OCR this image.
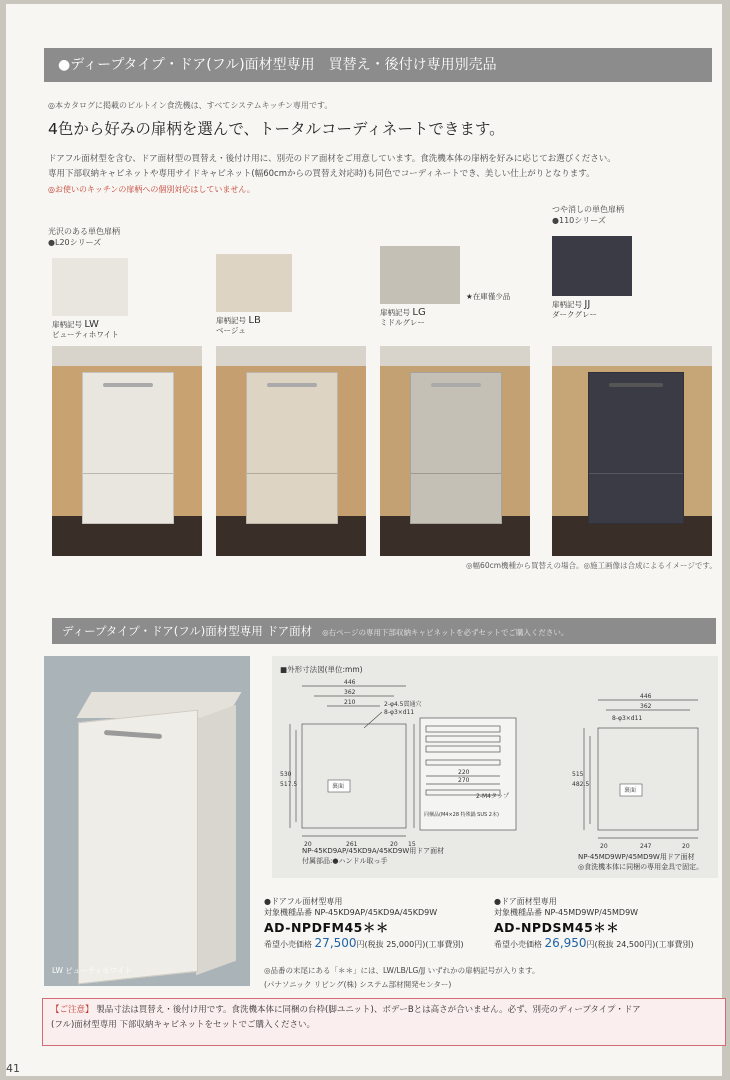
●ディープタイプ・ドア(フル)面材型専用　買替え・後付け専用別売品
◎本カタログに掲載のビルトイン食洗機は、すべてシステムキッチン専用です。
4色から好みの扉柄を選んで、トータルコーディネートできます。
ドアフル面材型を含む、ドア面材型の買替え・後付け用に、別売のドア面材をご用意しています。食洗機本体の扉柄を好みに応じてお選びください。
専用下部収納キャビネットや専用サイドキャビネット(幅60cmからの買替え対応時)も同色でコーディネートでき、美しい仕上がりとなります。
◎お使いのキッチンの扉柄への個別対応はしていません。
光沢のある単色扉柄
●L20シリーズ
つや消しの単色扉柄
●110シリーズ
扉柄記号 LW
ビューティホワイト
扉柄記号 LB
ベージュ
扉柄記号 LG
ミドルグレー
★在庫僅少品
扉柄記号 JJ
ダークグレー
◎幅60cm機種から買替えの場合。◎施工画像は合成によるイメージです。
ディープタイプ・ドア(フル)面材型専用 ドア面材 ◎右ページの専用下部収納キャビネットを必ずセットでご購入ください。
LW ビューティホワイト
■外形寸法図(単位:mm)
446
362
210	2-φ4.5貫通穴
8-φ3×d11
530
517.5	裏面
20	261	20 15
220
270
2-M4タップ
同梱品(M4×28 特殊鍋 SUS 2本)
446
362
8-φ3×d11
515
482.5
裏面
20	247	20
NP-45KD9AP/45KD9A/45KD9W用ドア面材
付属部品:●ハンドル取っ手	NP-45MD9WP/45MD9W用ドア面材
◎食洗機本体に同梱の専用金具で固定。
●ドアフル面材型専用
対象機種品番 NP-45KD9AP/45KD9A/45KD9W
AD-NPDFM45＊＊
希望小売価格 27,500円(税抜 25,000円)(工事費別)
●ドア面材型専用
対象機種品番 NP-45MD9WP/45MD9W
AD-NPDSM45＊＊
希望小売価格 26,950円(税抜 24,500円)(工事費別)
◎品番の末尾にある「＊＊」には、LW/LB/LG/JJ いずれかの扉柄記号が入ります。
(パナソニック リビング(株) システム部材開発センター)
【ご注意】 製品寸法は買替え・後付け用です。食洗機本体に同梱の台枠(脚ユニット)、ボデーBとは高さが合いません。必ず、別売のディープタイプ・ドア
(フル)面材型専用 下部収納キャビネットをセットでご購入ください。
41
